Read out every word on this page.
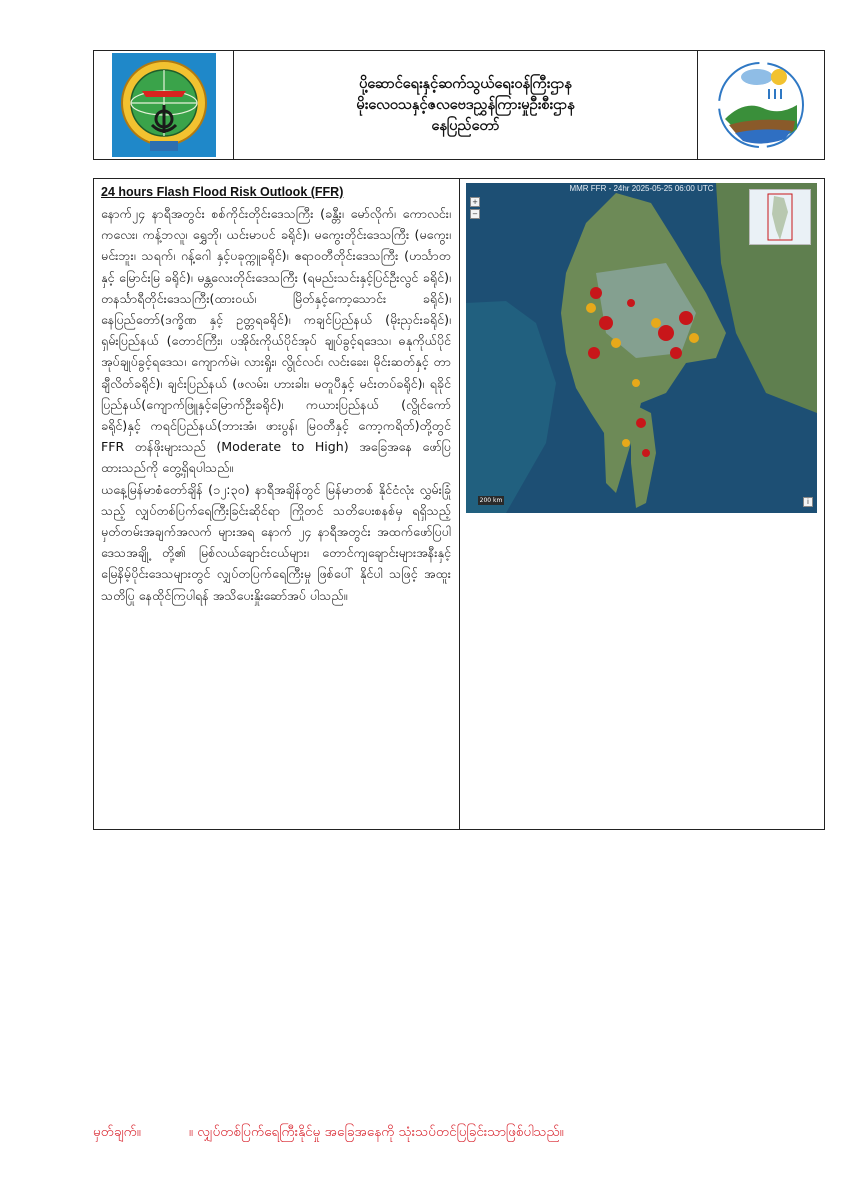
ပို့ဆောင်ရေးနှင့်ဆက်သွယ်ရေးဝန်ကြီးဌာန
မိုးလေဝသနှင့်ဇလဗေဒညွှန်ကြားမှုဦးစီးဌာန
နေပြည်တော်
24 hours Flash Flood Risk Outlook (FFR)

နောက်၂၄ နာရီအတွင်း စစ်ကိုင်းတိုင်းဒေသကြီး (ခန္တီး၊ မော်လိုက်၊ ကောလင်း၊ ကလေး၊ ကန့်ဘလူ၊ ရွှေဘို၊ ယင်းမာပင် ခရိုင်)၊ မကွေးတိုင်းဒေသကြီး (မကွေး၊ မင်းဘူး၊ သရက်၊ ဂန့်ဂေါ နှင့်ပခုက္ကူခရိုင်)၊ ဧရာဝတီတိုင်းဒေသကြီး (ဟင်္သာတနှင့် မြောင်းမြ ခရိုင်)၊ မန္တလေးတိုင်းဒေသကြီး (ရမည်းသင်းနှင့်ပြင်ဦးလွင် ခရိုင်)၊ တနင်္သာရီတိုင်းဒေသကြီး(ထားဝယ်၊ မြိတ်နှင့်ကော့သောင်း ခရိုင်)၊ နေပြည်တော်(ဒက္ခိဏ နှင့် ဥတ္တရခရိုင်)၊ ကချင်ပြည်နယ် (မိုးညှင်းခရိုင်)၊ ရှမ်းပြည်နယ် (တောင်ကြီး၊ ပအိုဝ်းကိုယ်ပိုင်အုပ် ချုပ်ခွင့်ရဒေသ၊ ဓနုကိုယ်ပိုင်အုပ်ချုပ်ခွင့်ရဒေသ၊ ကျောက်မဲ၊ လားရှိုး၊ လွိုင်လင်၊ လင်းခေး၊ မိုင်းဆတ်နှင့် တာချီလိတ်ခရိုင်)၊ ချင်းပြည်နယ် (ဖလမ်း၊ ဟားခါး၊ မတူပီနှင့် မင်းတပ်ခရိုင်)၊ ရခိုင် ပြည်နယ်(ကျောက်ဖြူနှင့်မြောက်ဦးခရိုင်)၊ ကယားပြည်နယ် (လွိုင်ကော်ခရိုင်)နှင့် ကရင်ပြည်နယ်(ဘားအံ၊ ဖားပွန်၊ မြဝတီနှင့် ကော့ကရိတ်)တို့တွင် FFR တန်ဖိုးများသည် (Moderate to High) အခြေအနေ ဖော်ပြထားသည်ကို တွေ့ရှိရပါသည်။

ယနေ့မြန်မာစံတော်ချိန် (၁၂:၃၀) နာရီအချိန်တွင် မြန်မာတစ် နိုင်ငံလုံး လွှမ်းခြုံသည့် လျှပ်တစ်ပြက်ရေကြီးခြင်းဆိုင်ရာ ကြိုတင် သတိပေးစနစ်မှ ရရှိသည့် မှတ်တမ်းအချက်အလက် များအရ နောက် ၂၄ နာရီအတွင်း အထက်ဖော်ပြပါ ဒေသအချို့ တို့၏ မြစ်လယ်ချောင်းငယ်များ၊ တောင်ကျချောင်းများအနီးနှင့် မြေနိမ့်ပိုင်းဒေသများတွင် လျှပ်တပြက်ရေကြီးမှု ဖြစ်ပေါ် နိုင်ပါ သဖြင့် အထူးသတိပြု နေထိုင်ကြပါရန် အသိပေးနှိုးဆော်အပ် ပါသည်။

MMR FFR - 24hr 2025-05-25 06:00 UTC
+
−
200 km	i
မှတ်ချက်။	။ လျှပ်တစ်ပြက်ရေကြီးနိုင်မှု အခြေအနေကို သုံးသပ်တင်ပြခြင်းသာဖြစ်ပါသည်။
